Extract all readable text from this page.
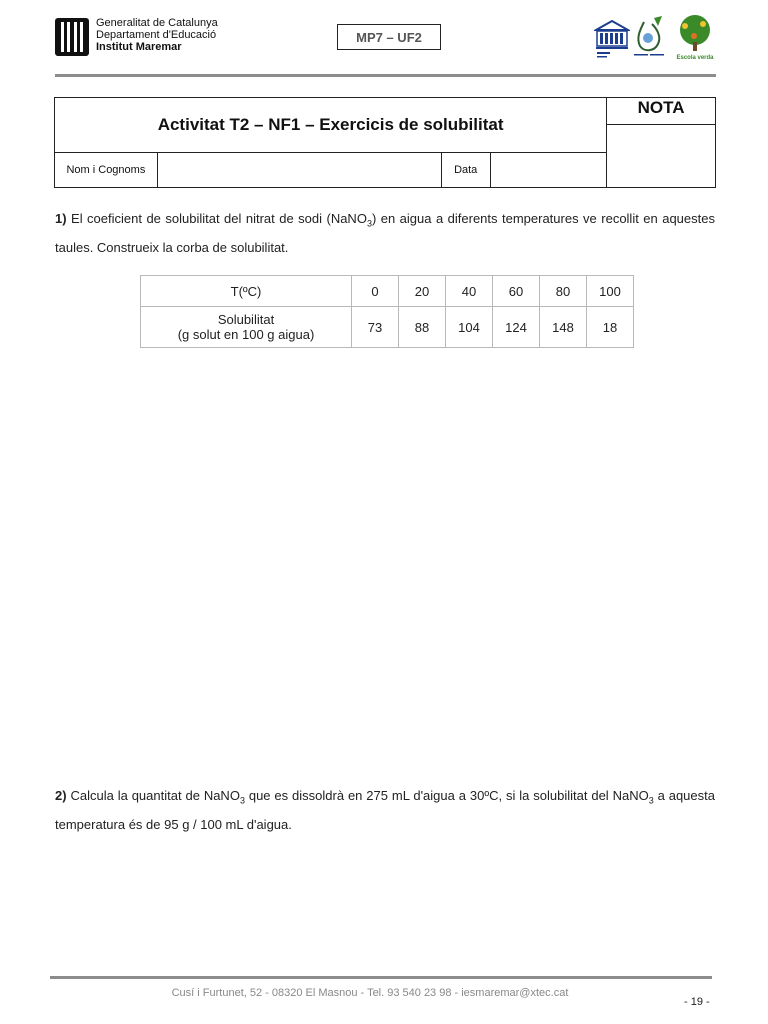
Generalitat de Catalunya
Departament d'Educació
Institut Maremar
MP7 – UF2
Escola verda
Activitat T2 – NF1 – Exercicis de solubilitat				NOTA

Nom i Cognoms		Data		
1) El coeficient de solubilitat del nitrat de sodi (NaNO$_3$) en aigua a diferents temperatures ve recollit en aquestes taules. Construeix la corba de solubilitat.
T(ºC)	0	20	40	60	80	100

Solubilitat
(g solut en 100 g aigua)	73	88	104	124	148	18
2) Calcula la quantitat de NaNO$_3$ que es dissoldrà en 275 mL d'aigua a 30ºC, si la solubilitat del NaNO$_3$ a aquesta temperatura és de 95 g / 100 mL d'aigua.
Cusí i Furtunet, 52 - 08320 El Masnou - Tel. 93 540 23 98 - iesmaremar@xtec.cat
- 19 -
